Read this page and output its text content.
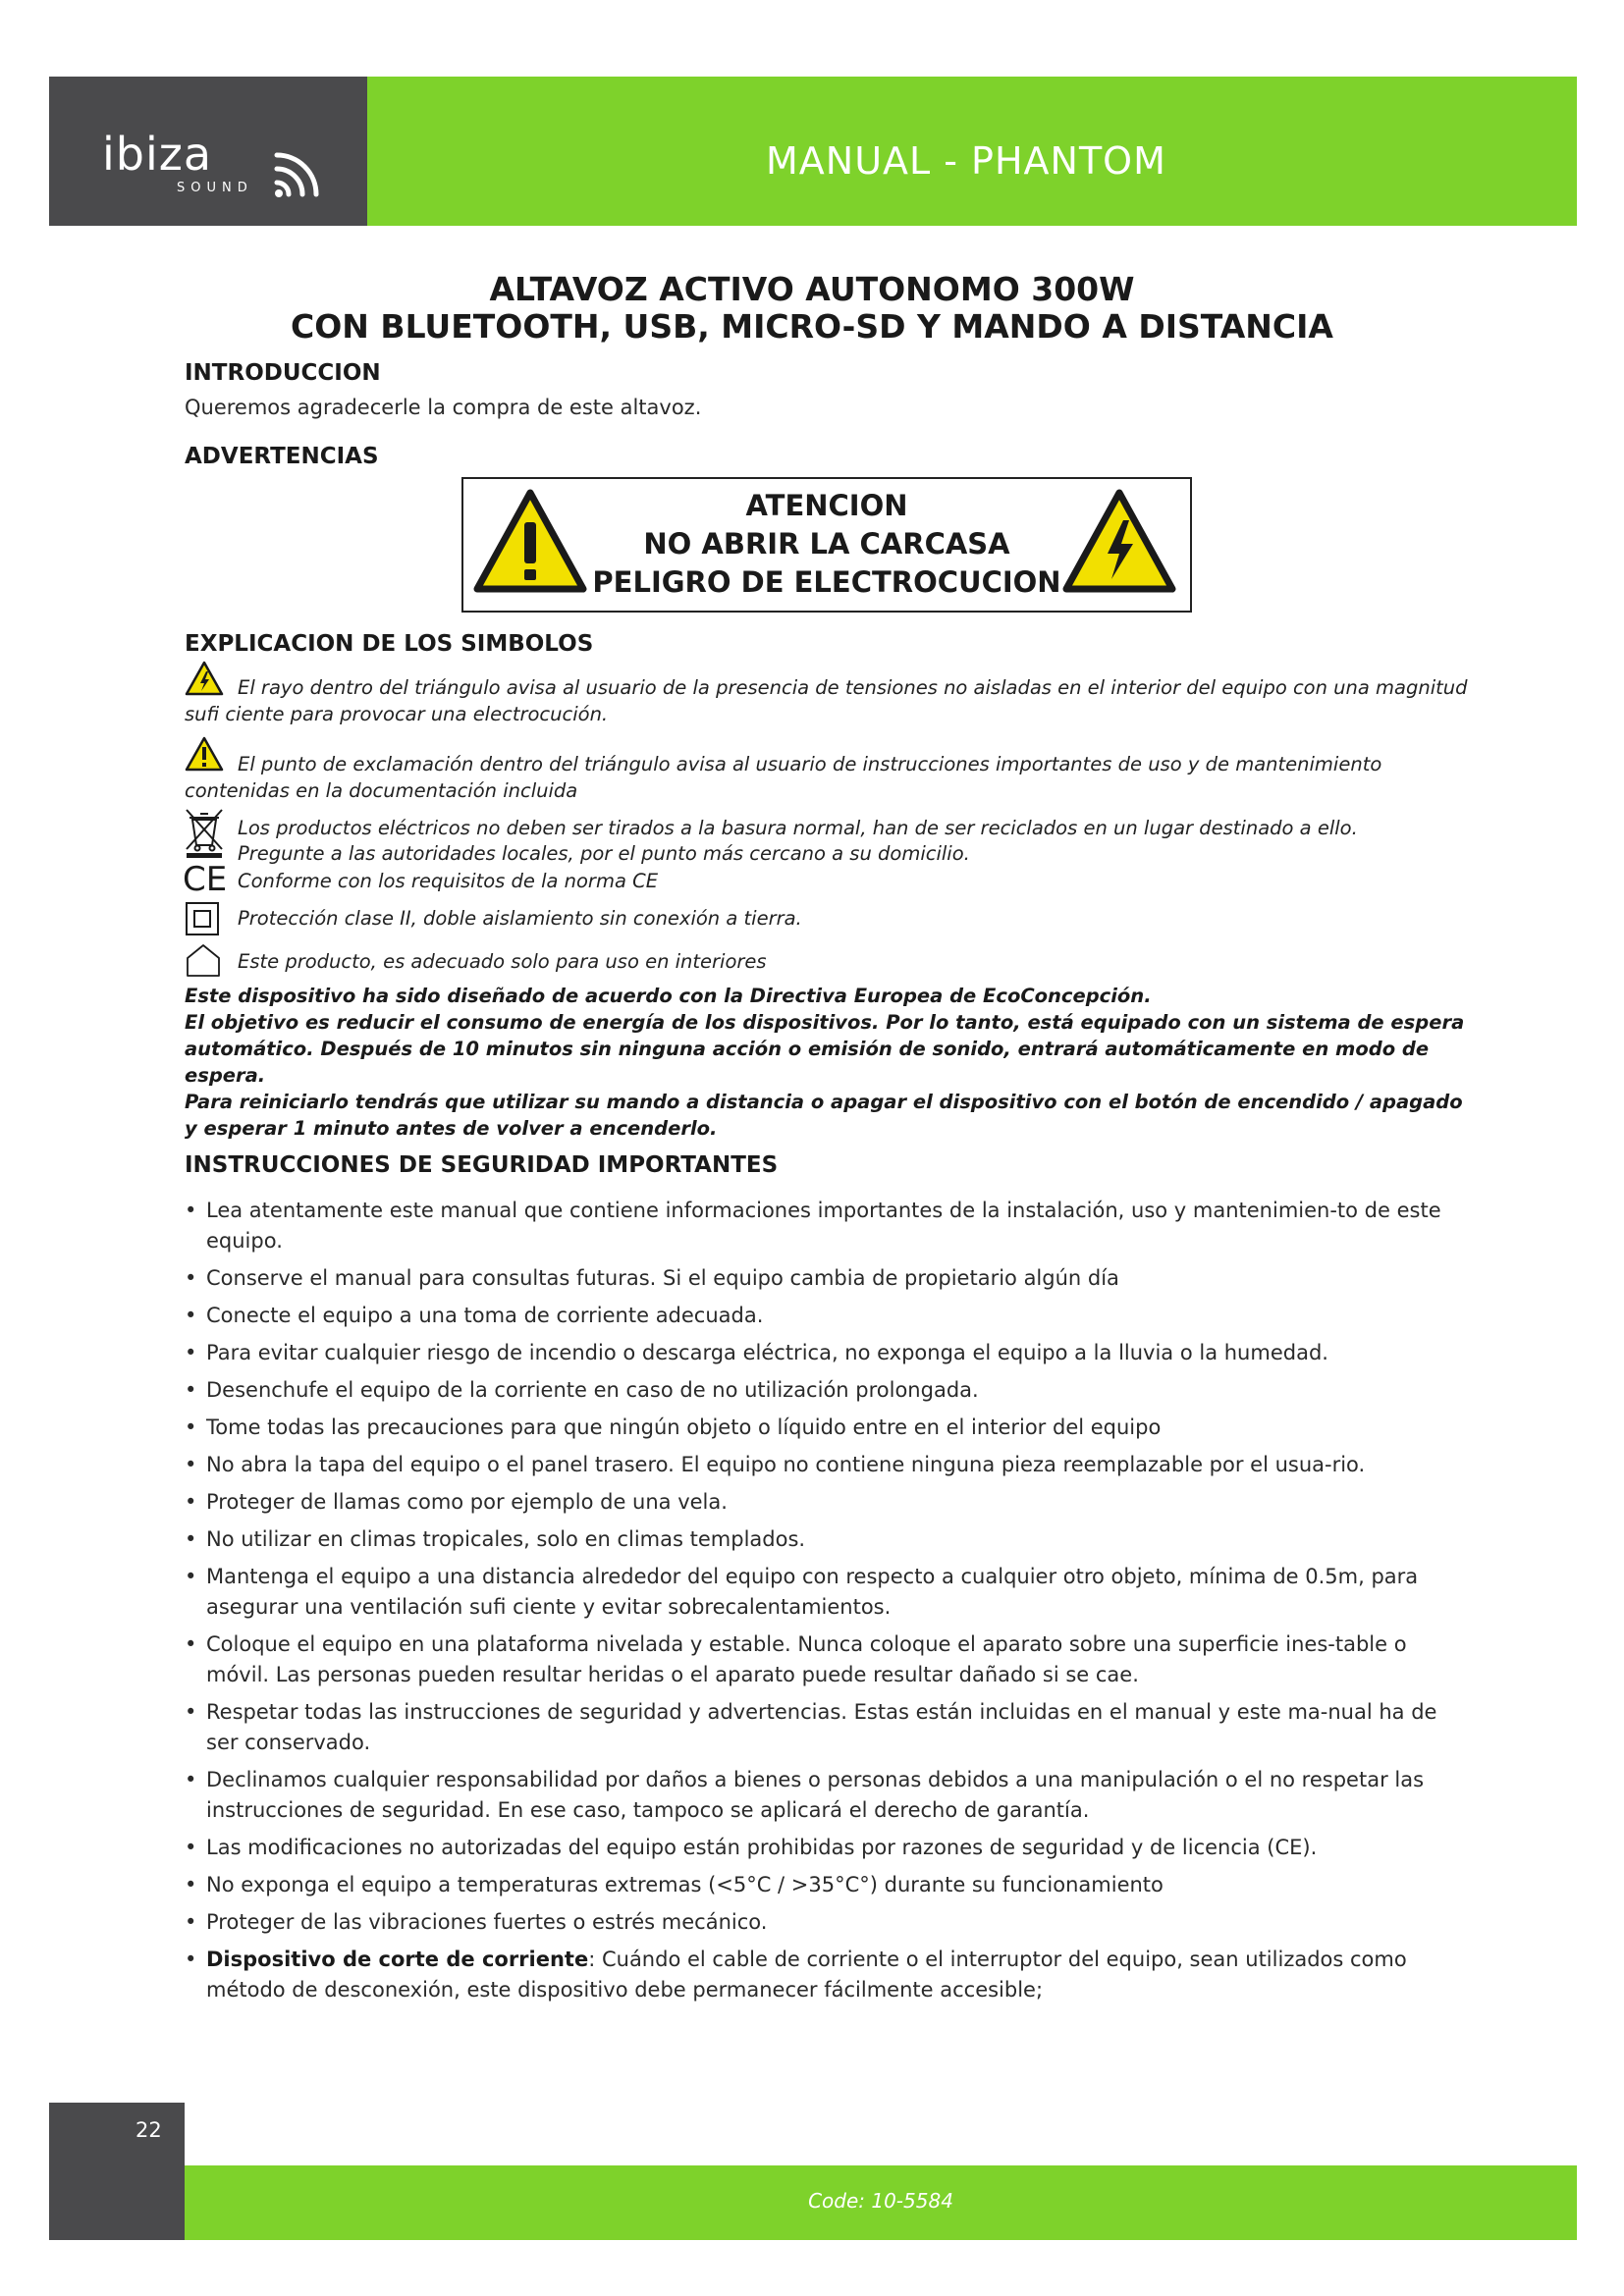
ibiza
SOUND
MANUAL - PHANTOM
ALTAVOZ ACTIVO AUTONOMO 300W
CON BLUETOOTH, USB, MICRO-SD Y MANDO A DISTANCIA
INTRODUCCION
Queremos agradecerle la compra de este altavoz.
ADVERTENCIAS
ATENCION
NO ABRIR LA CARCASA
PELIGRO DE ELECTROCUCION
EXPLICACION DE LOS SIMBOLOS
El rayo dentro del triángulo avisa al usuario de la presencia de tensiones no aisladas en el interior del equipo con una magnitud sufi ciente para provocar una electrocución.
El punto de exclamación dentro del triángulo avisa al usuario de instrucciones importantes de uso y de mantenimiento contenidas en la documentación incluida
Los productos eléctricos no deben ser tirados a la basura normal, han de ser reciclados en un lugar destinado a ello.
Pregunte a las autoridades locales, por el punto más cercano a su domicilio.
CE Conforme con los requisitos de la norma CE
Protección clase II, doble aislamiento sin conexión a tierra.
Este producto, es adecuado solo para uso en interiores
Este dispositivo ha sido diseñado de acuerdo con la Directiva Europea de EcoConcepción.
El objetivo es reducir el consumo de energía de los dispositivos. Por lo tanto, está equipado con un sistema de espera automático. Después de 10 minutos sin ninguna acción o emisión de sonido, entrará automáticamente en modo de espera.
Para reiniciarlo tendrás que utilizar su mando a distancia o apagar el dispositivo con el botón de encendido / apagado y esperar 1 minuto antes de volver a encenderlo.
INSTRUCCIONES DE SEGURIDAD IMPORTANTES
• Lea atentamente este manual que contiene informaciones importantes de la instalación, uso y mantenimien-to de este equipo.
• Conserve el manual para consultas futuras. Si el equipo cambia de propietario algún día
• Conecte el equipo a una toma de corriente adecuada.
• Para evitar cualquier riesgo de incendio o descarga eléctrica, no exponga el equipo a la lluvia o la humedad.
• Desenchufe el equipo de la corriente en caso de no utilización prolongada.
• Tome todas las precauciones para que ningún objeto o líquido entre en el interior del equipo
• No abra la tapa del equipo o el panel trasero. El equipo no contiene ninguna pieza reemplazable por el usua-rio.
• Proteger de llamas como por ejemplo de una vela.
• No utilizar en climas tropicales, solo en climas templados.
• Mantenga el equipo a una distancia alrededor del equipo con respecto a cualquier otro objeto, mínima de 0.5m, para asegurar una ventilación sufi ciente y evitar sobrecalentamientos.
• Coloque el equipo en una plataforma nivelada y estable. Nunca coloque el aparato sobre una superficie ines-table o móvil. Las personas pueden resultar heridas o el aparato puede resultar dañado si se cae.
• Respetar todas las instrucciones de seguridad y advertencias. Estas están incluidas en el manual y este ma-nual ha de ser conservado.
• Declinamos cualquier responsabilidad por daños a bienes o personas debidos a una manipulación o el no respetar las instrucciones de seguridad. En ese caso, tampoco se aplicará el derecho de garantía.
• Las modificaciones no autorizadas del equipo están prohibidas por razones de seguridad y de licencia (CE).
• No exponga el equipo a temperaturas extremas (<5°C / >35°C°) durante su funcionamiento
• Proteger de las vibraciones fuertes o estrés mecánico.
• Dispositivo de corte de corriente: Cuándo el cable de corriente o el interruptor del equipo, sean utilizados como método de desconexión, este dispositivo debe permanecer fácilmente accesible;
22
Code: 10-5584
